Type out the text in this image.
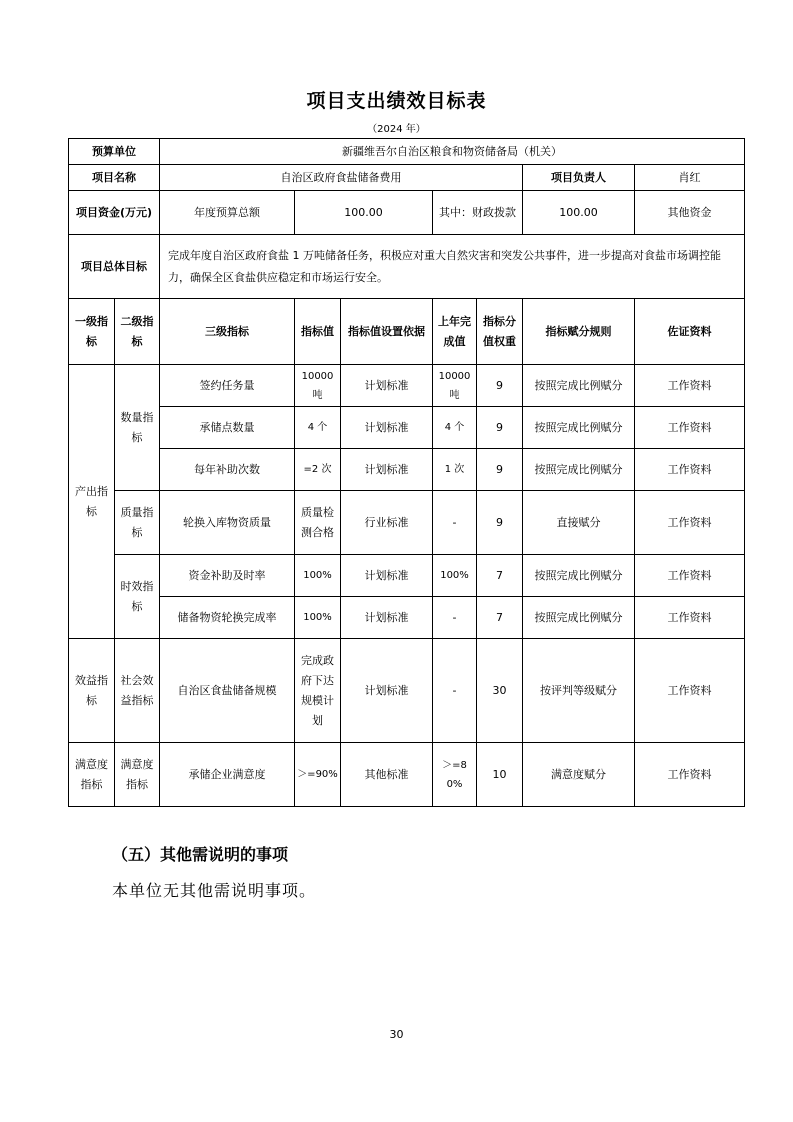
项目支出绩效目标表
（2024 年）
预算单位		新疆维吾尔自治区粮食和物资储备局（机关）						
项目名称		自治区政府食盐储备费用					项目负责人	肖红
项目资金(万元)		年度预算总额	100.00		其中：财政拨款		100.00	其他资金
项目总体目标		完成年度自治区政府食盐 1 万吨储备任务，积极应对重大自然灾害和突发公共事件，进一步提高对食盐市场调控能力，确保全区食盐供应稳定和市场运行安全。						
一级指标	二级指标	三级指标	指标值	指标值设置依据	上年完成值	指标分值权重	指标赋分规则	佐证资料
产出指标	数量指标	签约任务量	10000 吨	计划标准	10000 吨	9	按照完成比例赋分	工作资料
		承储点数量	4 个	计划标准	4 个	9	按照完成比例赋分	工作资料
		每年补助次数	=2 次	计划标准	1 次	9	按照完成比例赋分	工作资料
	质量指标	轮换入库物资质量	质量检测合格	行业标准	-	9	直接赋分	工作资料
	时效指标	资金补助及时率	100%	计划标准	100%	7	按照完成比例赋分	工作资料
		储备物资轮换完成率	100%	计划标准	-	7	按照完成比例赋分	工作资料
效益指标	社会效益指标	自治区食盐储备规模	完成政府下达规模计划	计划标准	-	30	按评判等级赋分	工作资料
满意度指标	满意度指标	承储企业满意度	＞=90%	其他标准	＞=80%	10	满意度赋分	工作资料
（五）其他需说明的事项
本单位无其他需说明事项。
30
